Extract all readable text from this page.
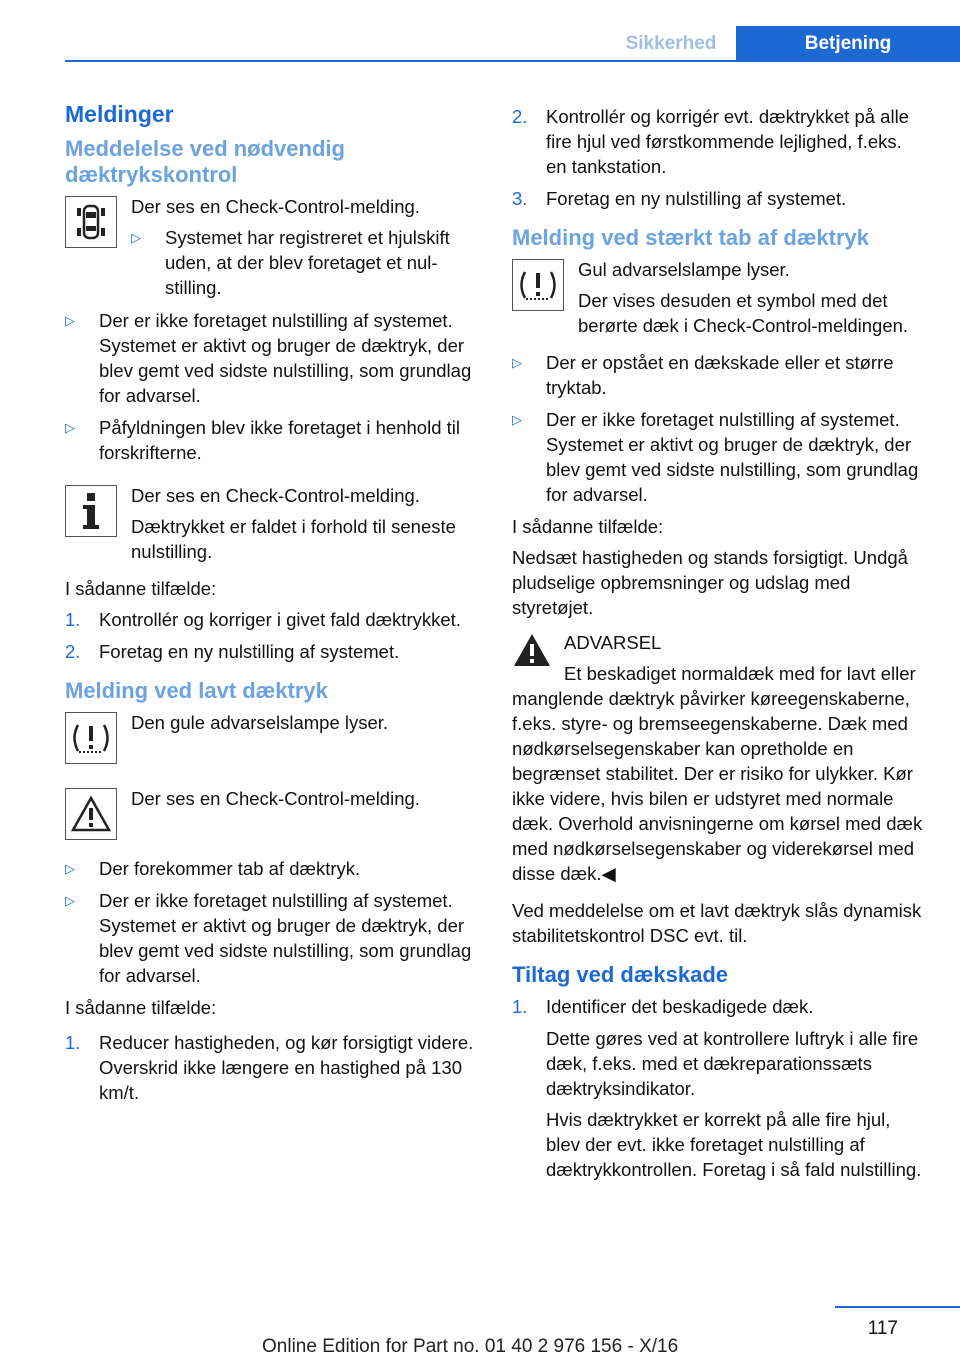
Sikkerhed	Betjening
Meldinger
Meddelelse ved nødvendig dæktrykskontrol

Der ses en Check-Control-melding.

▷ Systemet har registreret et hjulskift uden, at der blev foretaget et nulstilling.
▷ Der er ikke foretaget nulstilling af systemet. Systemet er aktivt og bruger de dæktryk, der blev gemt ved sidste nulstilling, som grundlag for advarsel.
▷ Påfyldningen blev ikke foretaget i henhold til forskrifterne.

Der ses en Check-Control-melding.

Dæktrykket er faldet i forhold til seneste nulstilling.

I sådanne tilfælde:

1. Kontrollér og korriger i givet fald dæktrykket.
2. Foretag en ny nulstilling af systemet.
Melding ved lavt dæktryk

Den gule advarselslampe lyser.

Der ses en Check-Control-melding.

▷ Der forekommer tab af dæktryk.
▷ Der er ikke foretaget nulstilling af systemet. Systemet er aktivt og bruger de dæktryk, der blev gemt ved sidste nulstilling, som grundlag for advarsel.

I sådanne tilfælde:

1. Reducer hastigheden, og kør forsigtigt videre. Overskrid ikke længere en hastighed på 130 km/t.
2. Kontrollér og korrigér evt. dæktrykket på alle fire hjul ved førstkommende lejlighed, f.eks. en tankstation.
3. Foretag en ny nulstilling af systemet.
Melding ved stærkt tab af dæktryk

Gul advarselslampe lyser.

Der vises desuden et symbol med det berørte dæk i Check-Control-meldingen.

▷ Der er opstået en dækskade eller et større tryktab.
▷ Der er ikke foretaget nulstilling af systemet. Systemet er aktivt og bruger de dæktryk, der blev gemt ved sidste nulstilling, som grundlag for advarsel.

I sådanne tilfælde:

Nedsæt hastigheden og stands forsigtigt. Undgå pludselige opbremsninger og udslag med styretøjet.

ADVARSEL

Et beskadiget normaldæk med for lavt eller manglende dæktryk påvirker køreegenskaberne, f.eks. styre- og bremseegenskaberne. Dæk med nødkørselsegenskaber kan opretholde en begrænset stabilitet. Der er risiko for ulykker. Kør ikke videre, hvis bilen er udstyret med normale dæk. Overhold anvisningerne om kørsel med dæk med nødkørselsegenskaber og viderekørsel med disse dæk.◀

Ved meddelelse om et lavt dæktryk slås dynamisk stabilitetskontrol DSC evt. til.

Tiltag ved dækskade
1. Identificer det beskadigede dæk.

Dette gøres ved at kontrollere luftryk i alle fire dæk, f.eks. med et dækreparationssæts dæktryksindikator.

Hvis dæktrykket er korrekt på alle fire hjul, blev der evt. ikke foretaget nulstilling af dæktrykkontrollen. Foretag i så fald nulstilling.

117
Online Edition for Part no. 01 40 2 976 156 - X/16
